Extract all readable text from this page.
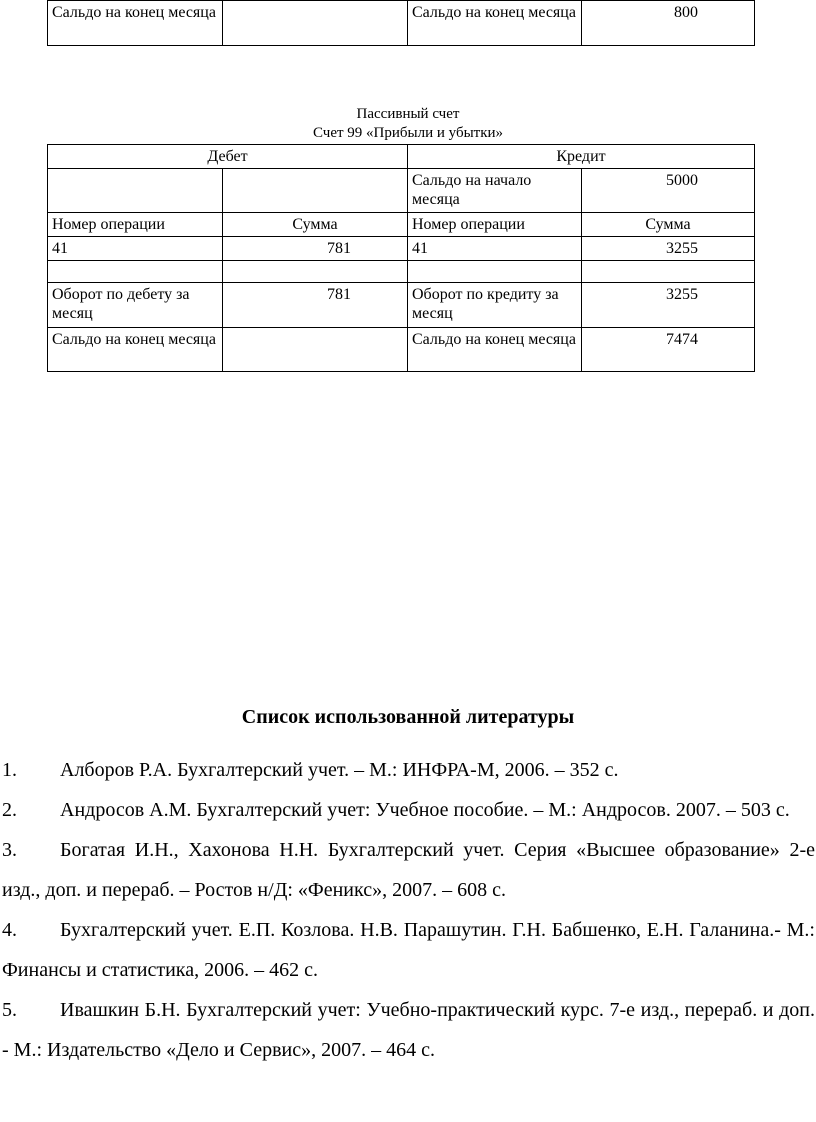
Сальдо на конец месяца		Сальдо на конец месяца	800
Пассивный счет
Счет 99 «Прибыли и убытки»
Дебет		Кредит	
		Сальдо на начало месяца	5000
Номер операции	Сумма	Номер операции	Сумма
41	781	41	3255

Оборот по дебету за месяц	781	Оборот по кредиту за месяц	3255
Сальдо на конец месяца		Сальдо на конец месяца	7474
Список использованной литературы
1. Алборов Р.А. Бухгалтерский учет. – М.: ИНФРА-М, 2006. – 352 с.
2. Андросов А.М. Бухгалтерский учет: Учебное пособие. – М.: Андросов. 2007. – 503 с.
3. Богатая И.Н., Хахонова Н.Н. Бухгалтерский учет. Серия «Высшее образование» 2-е изд., доп. и перераб. – Ростов н/Д: «Феникс», 2007. – 608 с.
4. Бухгалтерский учет. Е.П. Козлова. Н.В. Парашутин. Г.Н. Бабшенко, Е.Н. Галанина.- М.: Финансы и статистика, 2006. – 462 с.
5. Ивашкин Б.Н. Бухгалтерский учет: Учебно-практический курс. 7-е изд., перераб. и доп. - М.: Издательство «Дело и Сервис», 2007. – 464 с.
